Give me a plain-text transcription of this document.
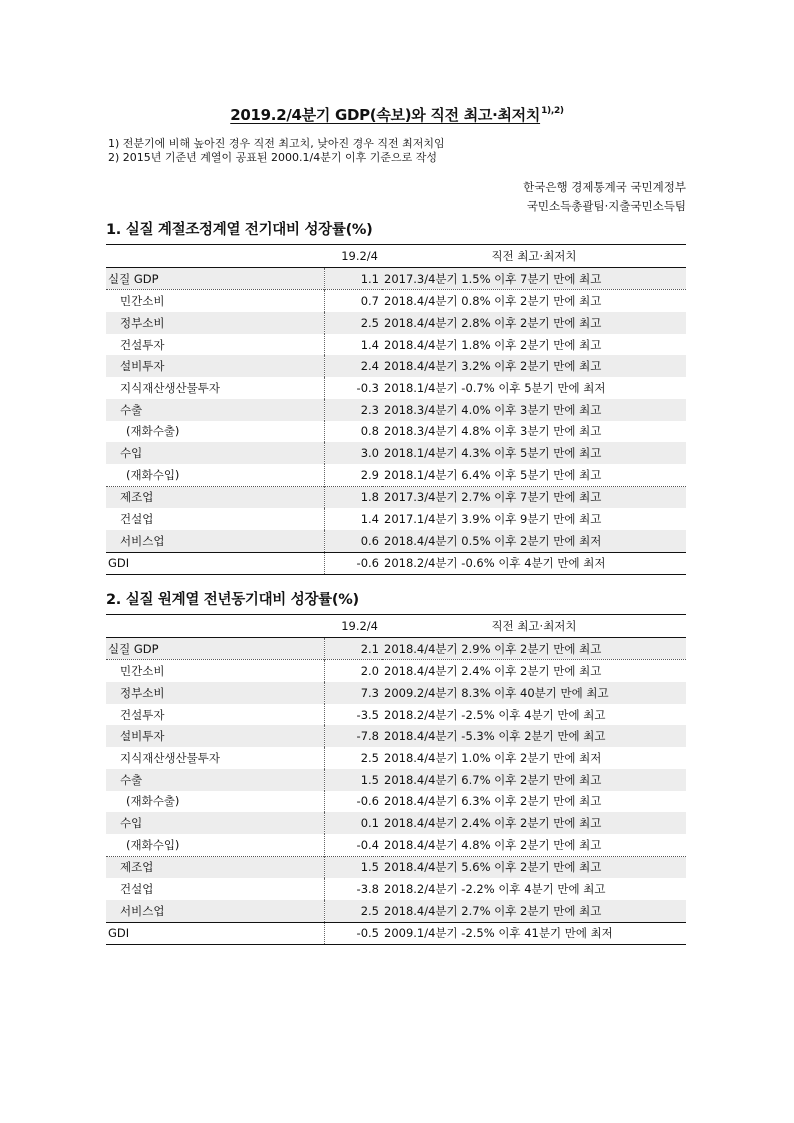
2019.2/4분기 GDP(속보)와 직전 최고·최저치$^{1),2)}$
1) 전분기에 비해 높아진 경우 직전 최고치, 낮아진 경우 직전 최저치임
2) 2015년 기준년 계열이 공표된 2000.1/4분기 이후 기준으로 작성
한국은행 경제통계국 국민계정부
국민소득총괄팀·지출국민소득팀
1. 실질 계절조정계열 전기대비 성장률(%)
	19.2/4	직전 최고·최저치
실질 GDP	1.1	2017.3/4분기 1.5% 이후 7분기 만에 최고
민간소비	0.7	2018.4/4분기 0.8% 이후 2분기 만에 최고
정부소비	2.5	2018.4/4분기 2.8% 이후 2분기 만에 최고
건설투자	1.4	2018.4/4분기 1.8% 이후 2분기 만에 최고
설비투자	2.4	2018.4/4분기 3.2% 이후 2분기 만에 최고
지식재산생산물투자	-0.3	2018.1/4분기 -0.7% 이후 5분기 만에 최저
수출	2.3	2018.3/4분기 4.0% 이후 3분기 만에 최고
(재화수출)	0.8	2018.3/4분기 4.8% 이후 3분기 만에 최고
수입	3.0	2018.1/4분기 4.3% 이후 5분기 만에 최고
(재화수입)	2.9	2018.1/4분기 6.4% 이후 5분기 만에 최고
제조업	1.8	2017.3/4분기 2.7% 이후 7분기 만에 최고
건설업	1.4	2017.1/4분기 3.9% 이후 9분기 만에 최고
서비스업	0.6	2018.4/4분기 0.5% 이후 2분기 만에 최저
GDI	-0.6	2018.2/4분기 -0.6% 이후 4분기 만에 최저
2. 실질 원계열 전년동기대비 성장률(%)
	19.2/4	직전 최고·최저치
실질 GDP	2.1	2018.4/4분기 2.9% 이후 2분기 만에 최고
민간소비	2.0	2018.4/4분기 2.4% 이후 2분기 만에 최고
정부소비	7.3	2009.2/4분기 8.3% 이후 40분기 만에 최고
건설투자	-3.5	2018.2/4분기 -2.5% 이후 4분기 만에 최고
설비투자	-7.8	2018.4/4분기 -5.3% 이후 2분기 만에 최고
지식재산생산물투자	2.5	2018.4/4분기 1.0% 이후 2분기 만에 최저
수출	1.5	2018.4/4분기 6.7% 이후 2분기 만에 최고
(재화수출)	-0.6	2018.4/4분기 6.3% 이후 2분기 만에 최고
수입	0.1	2018.4/4분기 2.4% 이후 2분기 만에 최고
(재화수입)	-0.4	2018.4/4분기 4.8% 이후 2분기 만에 최고
제조업	1.5	2018.4/4분기 5.6% 이후 2분기 만에 최고
건설업	-3.8	2018.2/4분기 -2.2% 이후 4분기 만에 최고
서비스업	2.5	2018.4/4분기 2.7% 이후 2분기 만에 최고
GDI	-0.5	2009.1/4분기 -2.5% 이후 41분기 만에 최저
